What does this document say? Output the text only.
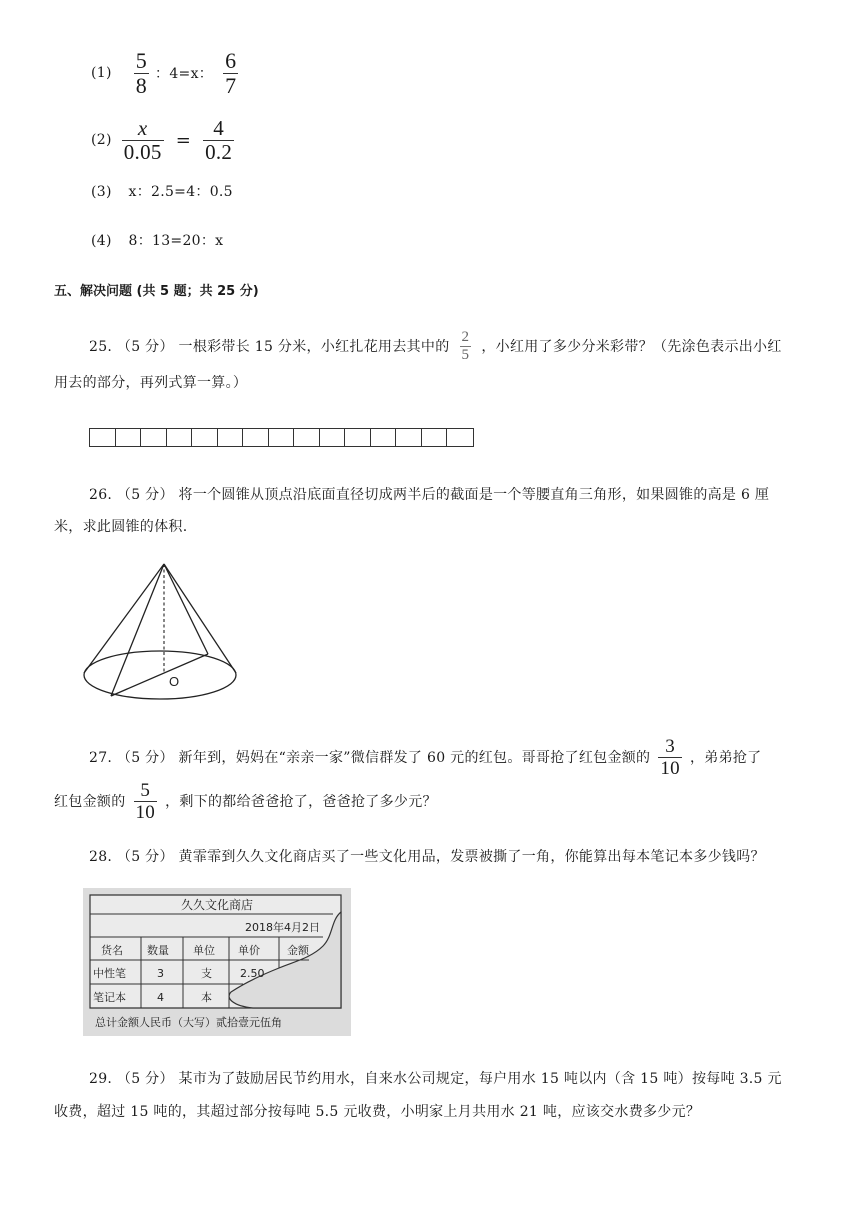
$(1) \frac{5}{8}$ ：4=x： $\frac{6}{7}$
$(2) \frac{x}{0.05} = \frac{4}{0.2}$
(3) x：2.5=4：0.5
(4) 8：13=20：x
五、解决问题 (共 5 题；共 25 分)
25. （5 分） 一根彩带长 15 分米，小红扎花用去其中的 $\frac{2}{5}$ ，小红用了多少分米彩带？（先涂色表示出小红
用去的部分，再列式算一算。）
26. （5 分） 将一个圆锥从顶点沿底面直径切成两半后的截面是一个等腰直角三角形，如果圆锥的高是 6 厘
米，求此圆锥的体积.
O
27. （5 分） 新年到，妈妈在“亲亲一家”微信群发了 60 元的红包。哥哥抢了红包金额的 $\frac{3}{10}$ ，弟弟抢了
红包金额的 $\frac{5}{10}$ ，剩下的都给爸爸抢了，爸爸抢了多少元？
28. （5 分） 黄霏霏到久久文化商店买了一些文化用品，发票被撕了一角，你能算出每本笔记本多少钱吗？
久久文化商店
2018年4月2日
货名 数量 单位 单价 金额
中性笔	3	支	2.50
笔记本	4	本
总计金额人民币（大写）贰拾壹元伍角
29. （5 分） 某市为了鼓励居民节约用水，自来水公司规定，每户用水 15 吨以内（含 15 吨）按每吨 3.5 元
收费，超过 15 吨的，其超过部分按每吨 5.5 元收费，小明家上月共用水 21 吨，应该交水费多少元？
